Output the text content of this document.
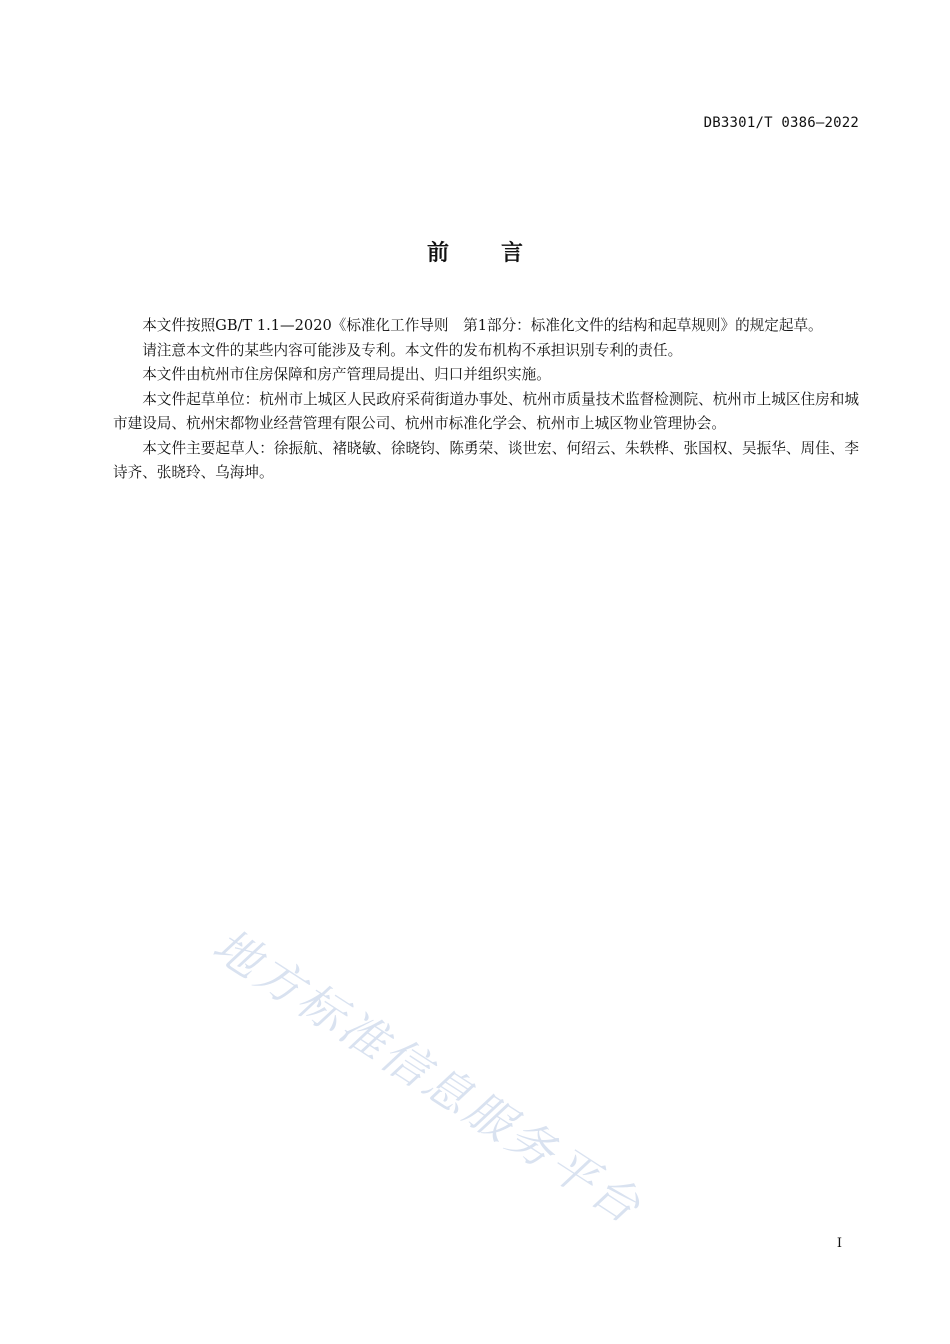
DB3301/T 0386—2022
前言

本文件按照GB/T 1.1—2020《标准化工作导则　第1部分：标准化文件的结构和起草规则》的规定起草。

请注意本文件的某些内容可能涉及专利。本文件的发布机构不承担识别专利的责任。

本文件由杭州市住房保障和房产管理局提出、归口并组织实施。

本文件起草单位：杭州市上城区人民政府采荷街道办事处、杭州市质量技术监督检测院、杭州市上城区住房和城市建设局、杭州宋都物业经营管理有限公司、杭州市标准化学会、杭州市上城区物业管理协会。

本文件主要起草人：徐振航、褚晓敏、徐晓钧、陈勇荣、谈世宏、何绍云、朱轶桦、张国权、吴振华、周佳、李诗齐、张晓玲、乌海坤。

地方标准信息服务平台
I
